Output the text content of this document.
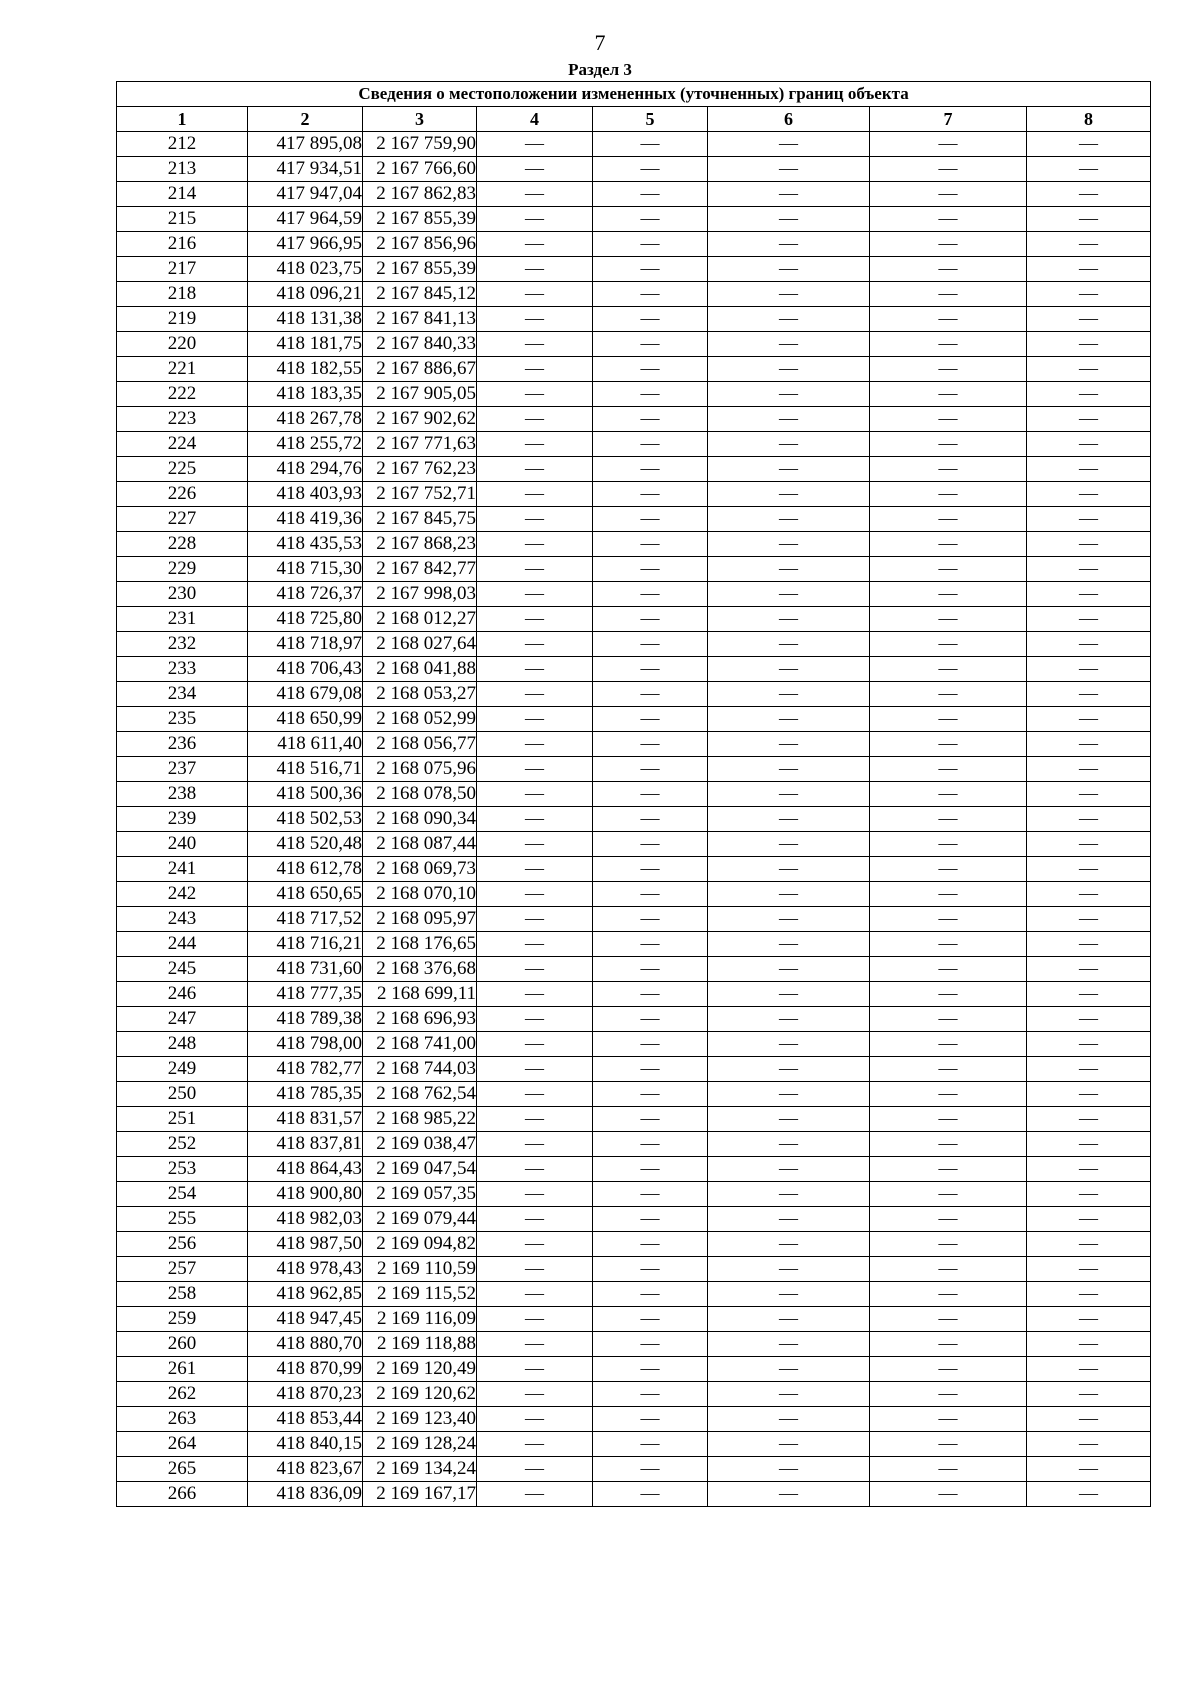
7
Раздел 3
Сведения о местоположении измененных (уточненных) границ объекта							
1	2	3	4	5	6	7	8
212	417 895,08	2 167 759,90	—	—	—	—	—
213	417 934,51	2 167 766,60	—	—	—	—	—
214	417 947,04	2 167 862,83	—	—	—	—	—
215	417 964,59	2 167 855,39	—	—	—	—	—
216	417 966,95	2 167 856,96	—	—	—	—	—
217	418 023,75	2 167 855,39	—	—	—	—	—
218	418 096,21	2 167 845,12	—	—	—	—	—
219	418 131,38	2 167 841,13	—	—	—	—	—
220	418 181,75	2 167 840,33	—	—	—	—	—
221	418 182,55	2 167 886,67	—	—	—	—	—
222	418 183,35	2 167 905,05	—	—	—	—	—
223	418 267,78	2 167 902,62	—	—	—	—	—
224	418 255,72	2 167 771,63	—	—	—	—	—
225	418 294,76	2 167 762,23	—	—	—	—	—
226	418 403,93	2 167 752,71	—	—	—	—	—
227	418 419,36	2 167 845,75	—	—	—	—	—
228	418 435,53	2 167 868,23	—	—	—	—	—
229	418 715,30	2 167 842,77	—	—	—	—	—
230	418 726,37	2 167 998,03	—	—	—	—	—
231	418 725,80	2 168 012,27	—	—	—	—	—
232	418 718,97	2 168 027,64	—	—	—	—	—
233	418 706,43	2 168 041,88	—	—	—	—	—
234	418 679,08	2 168 053,27	—	—	—	—	—
235	418 650,99	2 168 052,99	—	—	—	—	—
236	418 611,40	2 168 056,77	—	—	—	—	—
237	418 516,71	2 168 075,96	—	—	—	—	—
238	418 500,36	2 168 078,50	—	—	—	—	—
239	418 502,53	2 168 090,34	—	—	—	—	—
240	418 520,48	2 168 087,44	—	—	—	—	—
241	418 612,78	2 168 069,73	—	—	—	—	—
242	418 650,65	2 168 070,10	—	—	—	—	—
243	418 717,52	2 168 095,97	—	—	—	—	—
244	418 716,21	2 168 176,65	—	—	—	—	—
245	418 731,60	2 168 376,68	—	—	—	—	—
246	418 777,35	2 168 699,11	—	—	—	—	—
247	418 789,38	2 168 696,93	—	—	—	—	—
248	418 798,00	2 168 741,00	—	—	—	—	—
249	418 782,77	2 168 744,03	—	—	—	—	—
250	418 785,35	2 168 762,54	—	—	—	—	—
251	418 831,57	2 168 985,22	—	—	—	—	—
252	418 837,81	2 169 038,47	—	—	—	—	—
253	418 864,43	2 169 047,54	—	—	—	—	—
254	418 900,80	2 169 057,35	—	—	—	—	—
255	418 982,03	2 169 079,44	—	—	—	—	—
256	418 987,50	2 169 094,82	—	—	—	—	—
257	418 978,43	2 169 110,59	—	—	—	—	—
258	418 962,85	2 169 115,52	—	—	—	—	—
259	418 947,45	2 169 116,09	—	—	—	—	—
260	418 880,70	2 169 118,88	—	—	—	—	—
261	418 870,99	2 169 120,49	—	—	—	—	—
262	418 870,23	2 169 120,62	—	—	—	—	—
263	418 853,44	2 169 123,40	—	—	—	—	—
264	418 840,15	2 169 128,24	—	—	—	—	—
265	418 823,67	2 169 134,24	—	—	—	—	—
266	418 836,09	2 169 167,17	—	—	—	—	—
